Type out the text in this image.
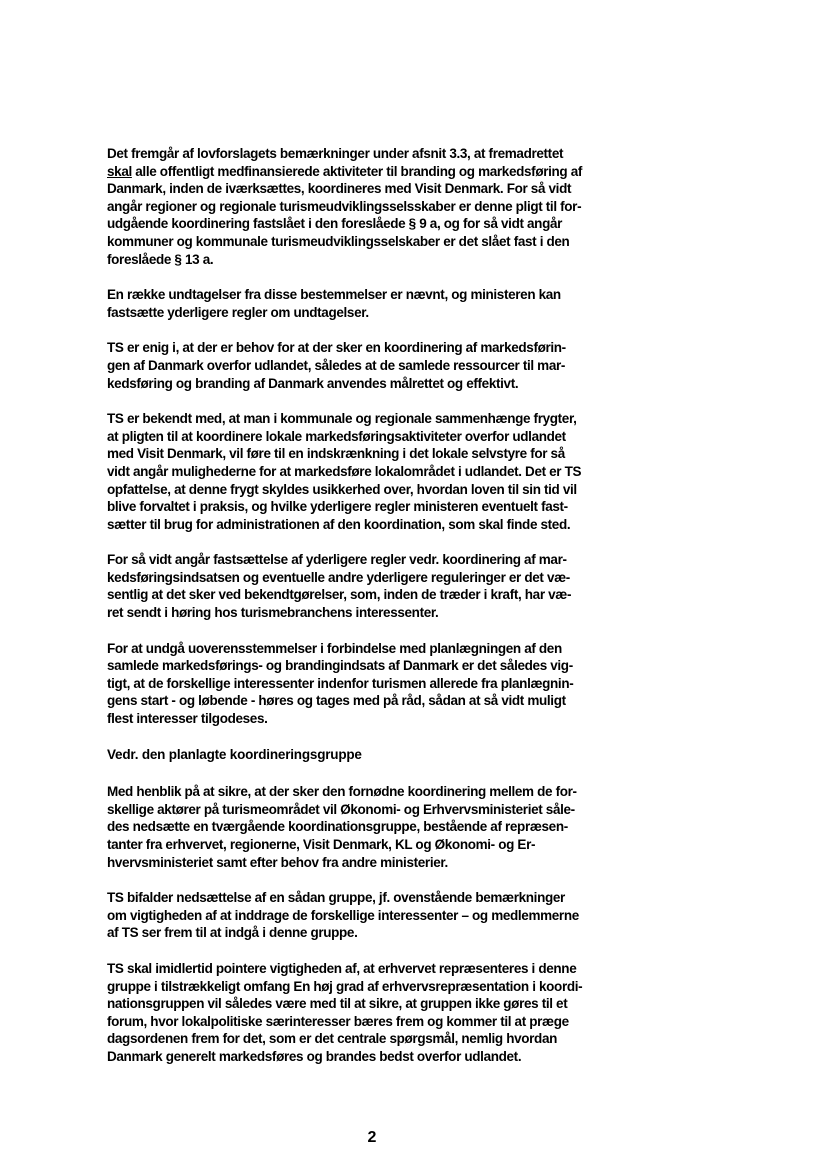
Det fremgår af lovforslagets bemærkninger under afsnit 3.3, at fremadrettet
skal alle offentligt medfinansierede aktiviteter til branding og markedsføring af
Danmark, inden de iværksættes, koordineres med Visit Denmark. For så vidt
angår regioner og regionale turismeudviklingsselsskaber er denne pligt til for-
udgående koordinering fastslået i den foreslåede § 9 a, og for så vidt angår
kommuner og kommunale turismeudviklingsselskaber er det slået fast i den
foreslåede § 13 a.

En række undtagelser fra disse bestemmelser er nævnt, og ministeren kan
fastsætte yderligere regler om undtagelser.

TS er enig i, at der er behov for at der sker en koordinering af markedsførin-
gen af Danmark overfor udlandet, således at de samlede ressourcer til mar-
kedsføring og branding af Danmark anvendes målrettet og effektivt.

TS er bekendt med, at man i kommunale og regionale sammenhænge frygter,
at pligten til at koordinere lokale markedsføringsaktiviteter overfor udlandet
med Visit Denmark, vil føre til en indskrænkning i det lokale selvstyre for så
vidt angår mulighederne for at markedsføre lokalområdet i udlandet. Det er TS
opfattelse, at denne frygt skyldes usikkerhed over, hvordan loven til sin tid vil
blive forvaltet i praksis, og hvilke yderligere regler ministeren eventuelt fast-
sætter til brug for administrationen af den koordination, som skal finde sted.

For så vidt angår fastsættelse af yderligere regler vedr. koordinering af mar-
kedsføringsindsatsen og eventuelle andre yderligere reguleringer er det væ-
sentlig at det sker ved bekendtgørelser, som, inden de træder i kraft, har væ-
ret sendt i høring hos turismebranchens interessenter.

For at undgå uoverensstemmelser i forbindelse med planlægningen af den
samlede markedsførings- og brandingindsats af Danmark er det således vig-
tigt, at de forskellige interessenter indenfor turismen allerede fra planlægnin-
gens start - og løbende - høres og tages med på råd, sådan at så vidt muligt
flest interesser tilgodeses.

Vedr. den planlagte koordineringsgruppe

Med henblik på at sikre, at der sker den fornødne koordinering mellem de for-
skellige aktører på turismeområdet vil Økonomi- og Erhvervsministeriet såle-
des nedsætte en tværgående koordinationsgruppe, bestående af repræsen-
tanter fra erhvervet, regionerne, Visit Denmark, KL og Økonomi- og Er-
hvervsministeriet samt efter behov fra andre ministerier.

TS bifalder nedsættelse af en sådan gruppe, jf. ovenstående bemærkninger
om vigtigheden af at inddrage de forskellige interessenter – og medlemmerne
af TS ser frem til at indgå i denne gruppe.

TS skal imidlertid pointere vigtigheden af, at erhvervet repræsenteres i denne
gruppe i tilstrækkeligt omfang En høj grad af erhvervsrepræsentation i koordi-
nationsgruppen vil således være med til at sikre, at gruppen ikke gøres til et
forum, hvor lokalpolitiske særinteresser bæres frem og kommer til at præge
dagsordenen frem for det, som er det centrale spørgsmål, nemlig hvordan
Danmark generelt markedsføres og brandes bedst overfor udlandet.

2
